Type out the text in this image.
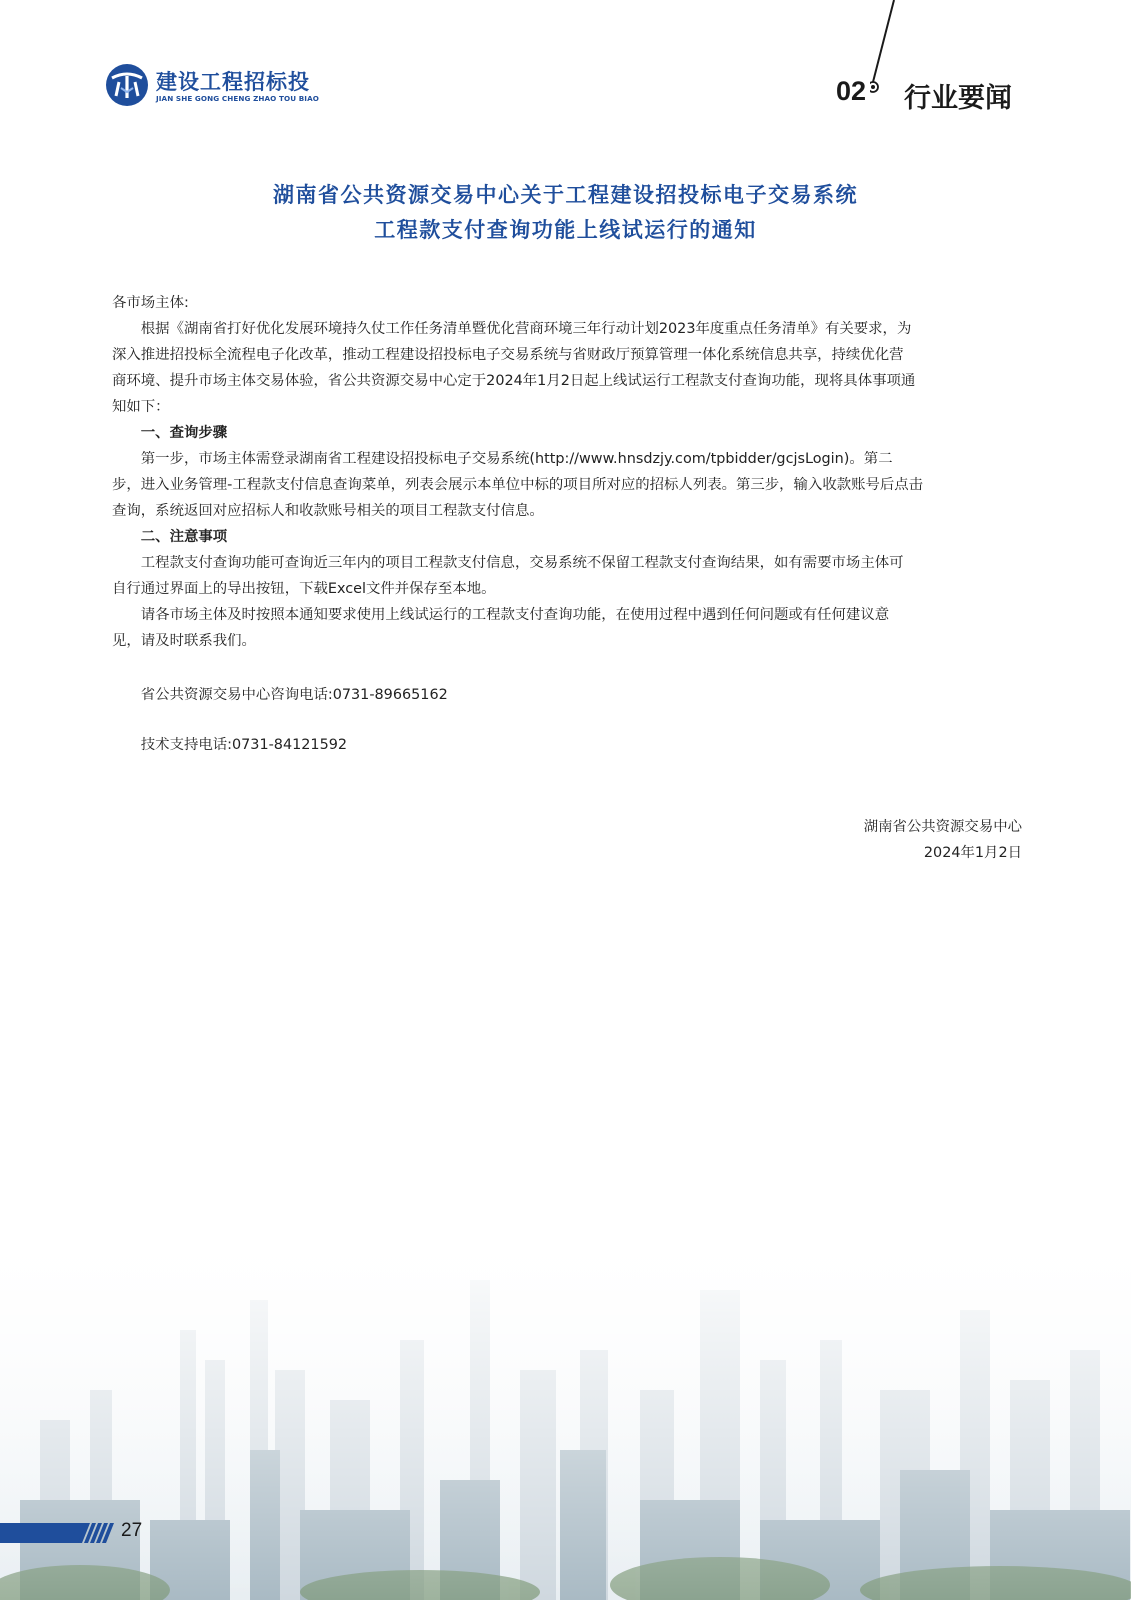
建设工程招标投
JIAN SHE GONG CHENG ZHAO TOU BIAO	02 行业要闻
湖南省公共资源交易中心关于工程建设招投标电子交易系统
工程款支付查询功能上线试运行的通知
各市场主体:
　　根据《湖南省打好优化发展环境持久仗工作任务清单暨优化营商环境三年行动计划2023年度重点任务清单》有关要求，为
深入推进招投标全流程电子化改革，推动工程建设招投标电子交易系统与省财政厅预算管理一体化系统信息共享，持续优化营
商环境、提升市场主体交易体验，省公共资源交易中心定于2024年1月2日起上线试运行工程款支付查询功能，现将具体事项通
知如下：
　　一、查询步骤
　　第一步，市场主体需登录湖南省工程建设招投标电子交易系统(http://www.hnsdzjy.com/tpbidder/gcjsLogin)。第二
步，进入业务管理-工程款支付信息查询菜单，列表会展示本单位中标的项目所对应的招标人列表。第三步，输入收款账号后点击
查询，系统返回对应招标人和收款账号相关的项目工程款支付信息。
　　二、注意事项
　　工程款支付查询功能可查询近三年内的项目工程款支付信息，交易系统不保留工程款支付查询结果，如有需要市场主体可
自行通过界面上的导出按钮，下载Excel文件并保存至本地。
　　请各市场主体及时按照本通知要求使用上线试运行的工程款支付查询功能，在使用过程中遇到任何问题或有任何建议意
见，请及时联系我们。
　　省公共资源交易中心咨询电话:0731-89665162
　　技术支持电话:0731-84121592
湖南省公共资源交易中心
2024年1月2日
27
